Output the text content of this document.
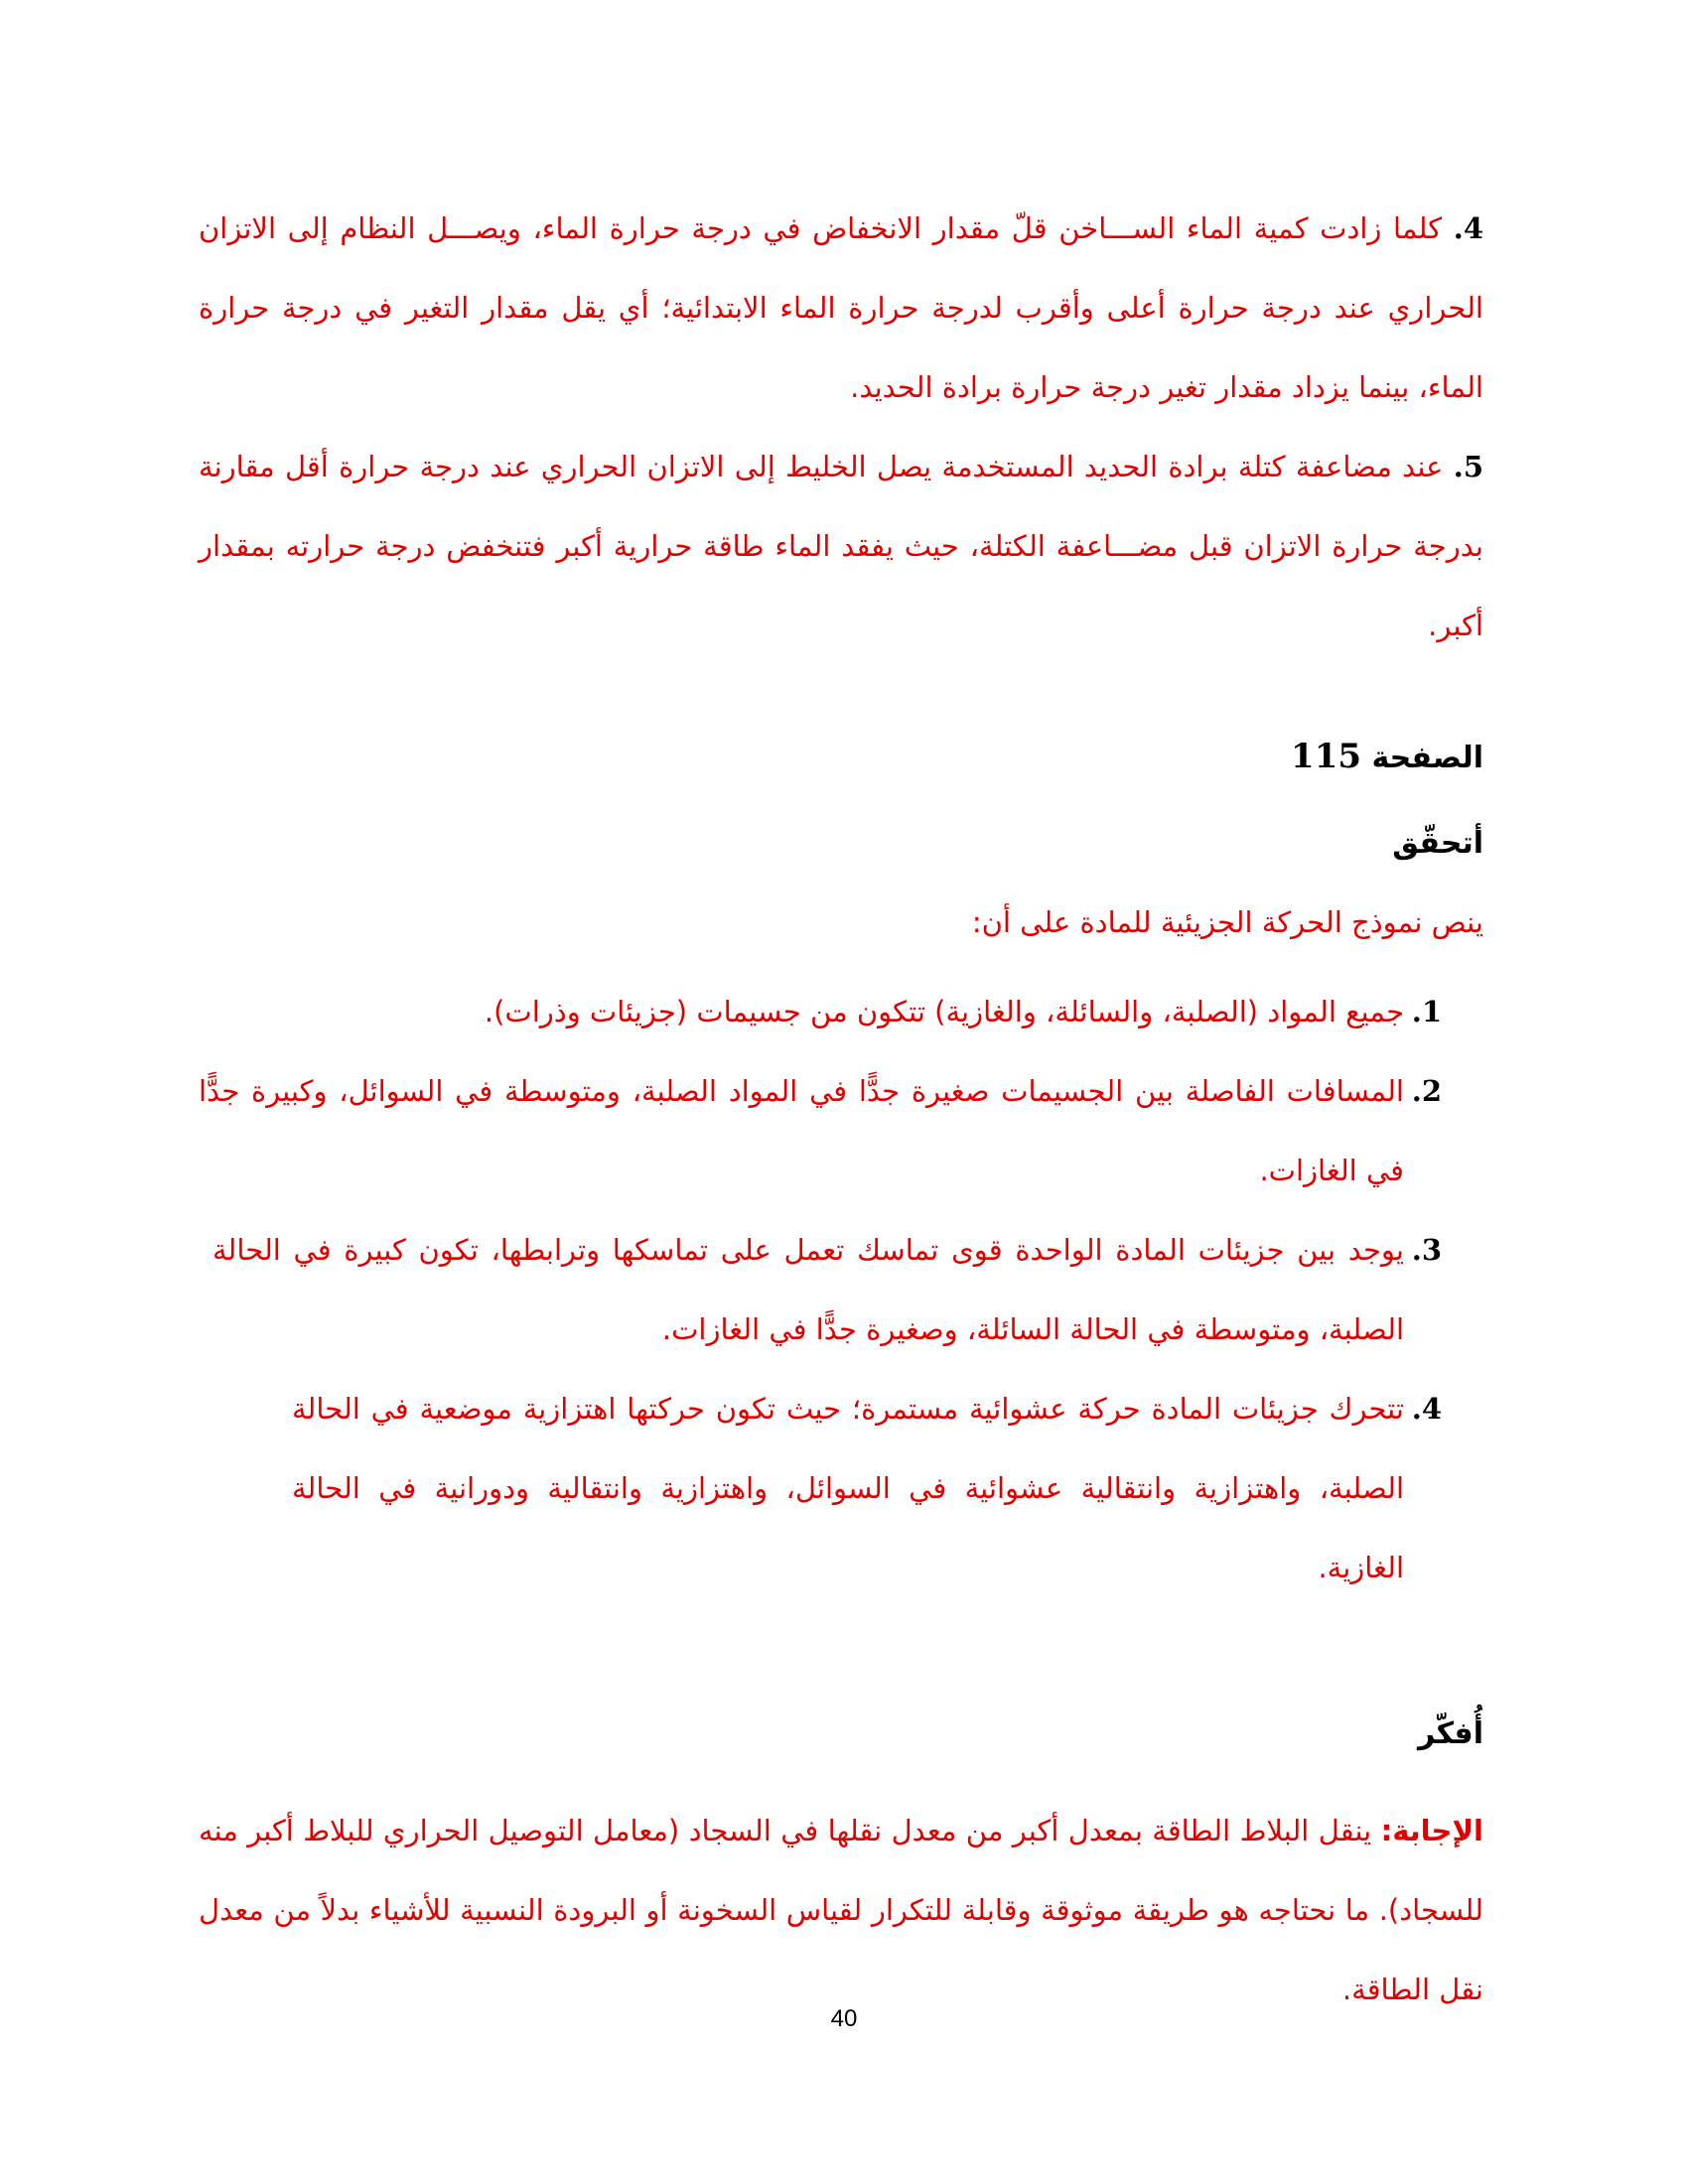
4. كلما زادت كمية الماء الســـاخن قلّ مقدار الانخفاض في درجة حرارة الماء، ويصـــل النظام إلى الاتزان الحراري عند درجة حرارة أعلى وأقرب لدرجة حرارة الماء الابتدائية؛ أي يقل مقدار التغير في درجة حرارة الماء، بينما يزداد مقدار تغير درجة حرارة برادة الحديد.

5. عند مضاعفة كتلة برادة الحديد المستخدمة يصل الخليط إلى الاتزان الحراري عند درجة حرارة أقل مقارنة بدرجة حرارة الاتزان قبل مضـــاعفة الكتلة، حيث يفقد الماء طاقة حرارية أكبر فتنخفض درجة حرارته بمقدار أكبر.

الصفحة 115

أتحقّق

ينص نموذج الحركة الجزيئية للمادة على أن:

1.
جميع المواد (الصلبة، والسائلة، والغازية) تتكون من جسيمات (جزيئات وذرات).
2.
المسافات الفاصلة بين الجسيمات صغيرة جدًّا في المواد الصلبة، ومتوسطة في السوائل، وكبيرة جدًّا في الغازات.
3.
يوجد بين جزيئات المادة الواحدة قوى تماسك تعمل على تماسكها وترابطها، تكون كبيرة في الحالة الصلبة، ومتوسطة في الحالة السائلة، وصغيرة جدًّا في الغازات.
4.
تتحرك جزيئات المادة حركة عشوائية مستمرة؛ حيث تكون حركتها اهتزازية موضعية في الحالة الصلبة، واهتزازية وانتقالية عشوائية في السوائل، واهتزازية وانتقالية ودورانية في الحالة الغازية.

أُفكّر

الإجابة: ينقل البلاط الطاقة بمعدل أكبر من معدل نقلها في السجاد (معامل التوصيل الحراري للبلاط أكبر منه للسجاد). ما نحتاجه هو طريقة موثوقة وقابلة للتكرار لقياس السخونة أو البرودة النسبية للأشياء بدلاً من معدل نقل الطاقة.

40
